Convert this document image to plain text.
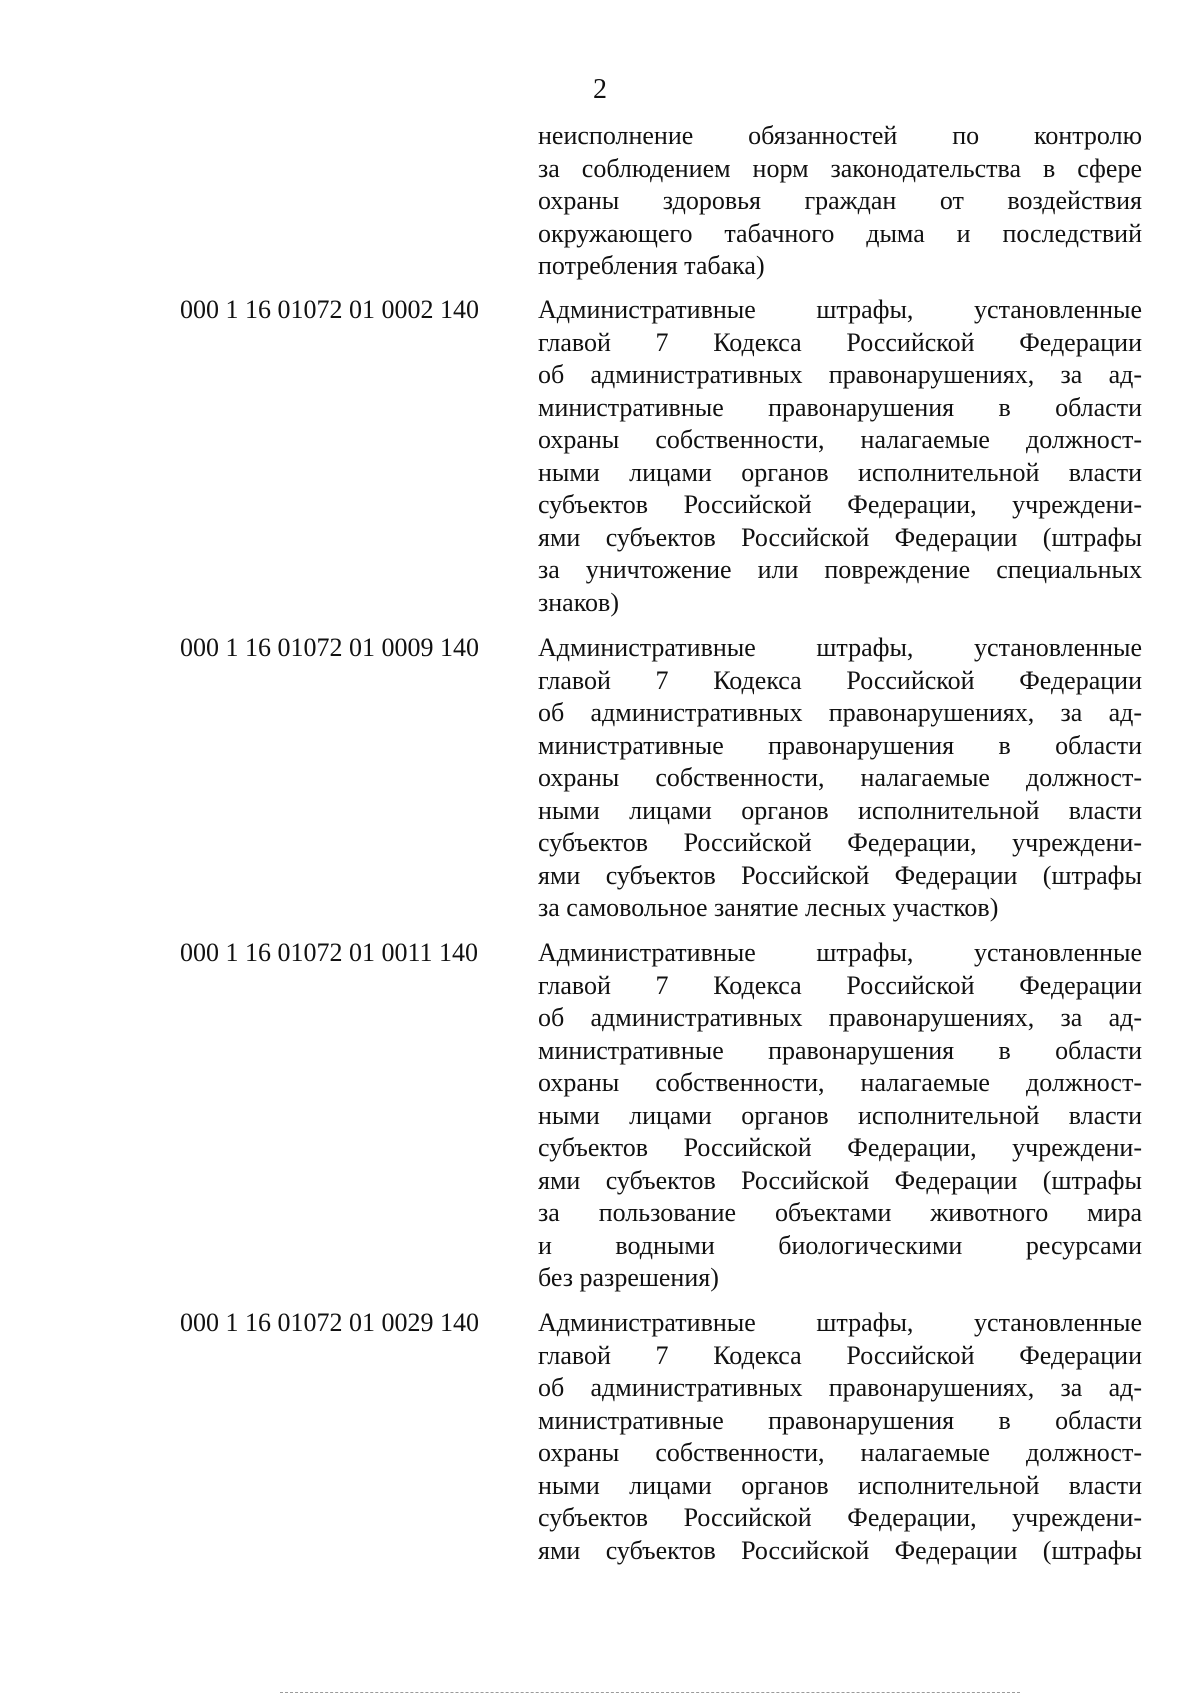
2
неисполнение обязанностей по контролю
за соблюдением норм законодательства в сфере
охраны здоровья граждан от воздействия
окружающего табачного дыма и последствий
потребления табака)
000 1 16 01072 01 0002 140	Административные штрафы, установленные
главой 7 Кодекса Российской Федерации
об административных правонарушениях, за ад-
министративные правонарушения в области
охраны собственности, налагаемые должност-
ными лицами органов исполнительной власти
субъектов Российской Федерации, учреждени-
ями субъектов Российской Федерации (штрафы
за уничтожение или повреждение специальных
знаков)
000 1 16 01072 01 0009 140	Административные штрафы, установленные
главой 7 Кодекса Российской Федерации
об административных правонарушениях, за ад-
министративные правонарушения в области
охраны собственности, налагаемые должност-
ными лицами органов исполнительной власти
субъектов Российской Федерации, учреждени-
ями субъектов Российской Федерации (штрафы
за самовольное занятие лесных участков)
000 1 16 01072 01 0011 140	Административные штрафы, установленные
главой 7 Кодекса Российской Федерации
об административных правонарушениях, за ад-
министративные правонарушения в области
охраны собственности, налагаемые должност-
ными лицами органов исполнительной власти
субъектов Российской Федерации, учреждени-
ями субъектов Российской Федерации (штрафы
за пользование объектами животного мира
и водными биологическими ресурсами
без разрешения)
000 1 16 01072 01 0029 140	Административные штрафы, установленные
главой 7 Кодекса Российской Федерации
об административных правонарушениях, за ад-
министративные правонарушения в области
охраны собственности, налагаемые должност-
ными лицами органов исполнительной власти
субъектов Российской Федерации, учреждени-
ями субъектов Российской Федерации (штрафы
